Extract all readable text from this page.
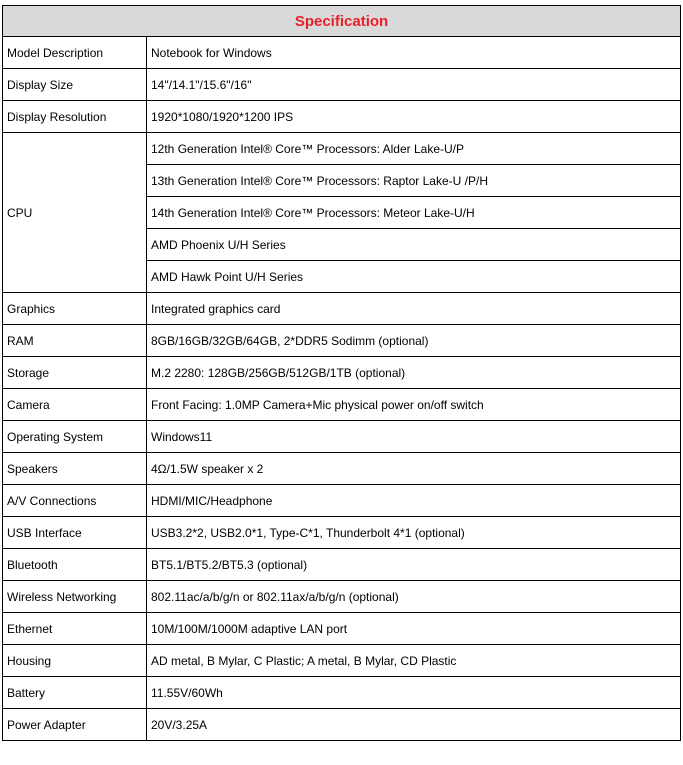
Specification	
Model Description	Notebook for Windows
Display Size	14"/14.1"/15.6"/16"
Display Resolution	1920*1080/1920*1200 IPS
CPU	12th Generation Intel® Core™ Processors: Alder Lake-U/P
	13th Generation Intel® Core™ Processors: Raptor Lake-U /P/H
	14th Generation Intel® Core™ Processors: Meteor Lake-U/H
	AMD Phoenix U/H Series
	AMD Hawk Point U/H Series
Graphics	Integrated graphics card
RAM	8GB/16GB/32GB/64GB, 2*DDR5 Sodimm (optional)
Storage	M.2 2280: 128GB/256GB/512GB/1TB (optional)
Camera	Front Facing: 1.0MP Camera+Mic physical power on/off switch
Operating System	Windows11
Speakers	4Ω/1.5W speaker x 2
A/V Connections	HDMI/MIC/Headphone
USB Interface	USB3.2*2, USB2.0*1, Type-C*1, Thunderbolt 4*1 (optional)
Bluetooth	BT5.1/BT5.2/BT5.3 (optional)
Wireless Networking	802.11ac/a/b/g/n or 802.11ax/a/b/g/n (optional)
Ethernet	10M/100M/1000M adaptive LAN port
Housing	AD metal, B Mylar, C Plastic; A metal, B Mylar, CD Plastic
Battery	11.55V/60Wh
Power Adapter	20V/3.25A
